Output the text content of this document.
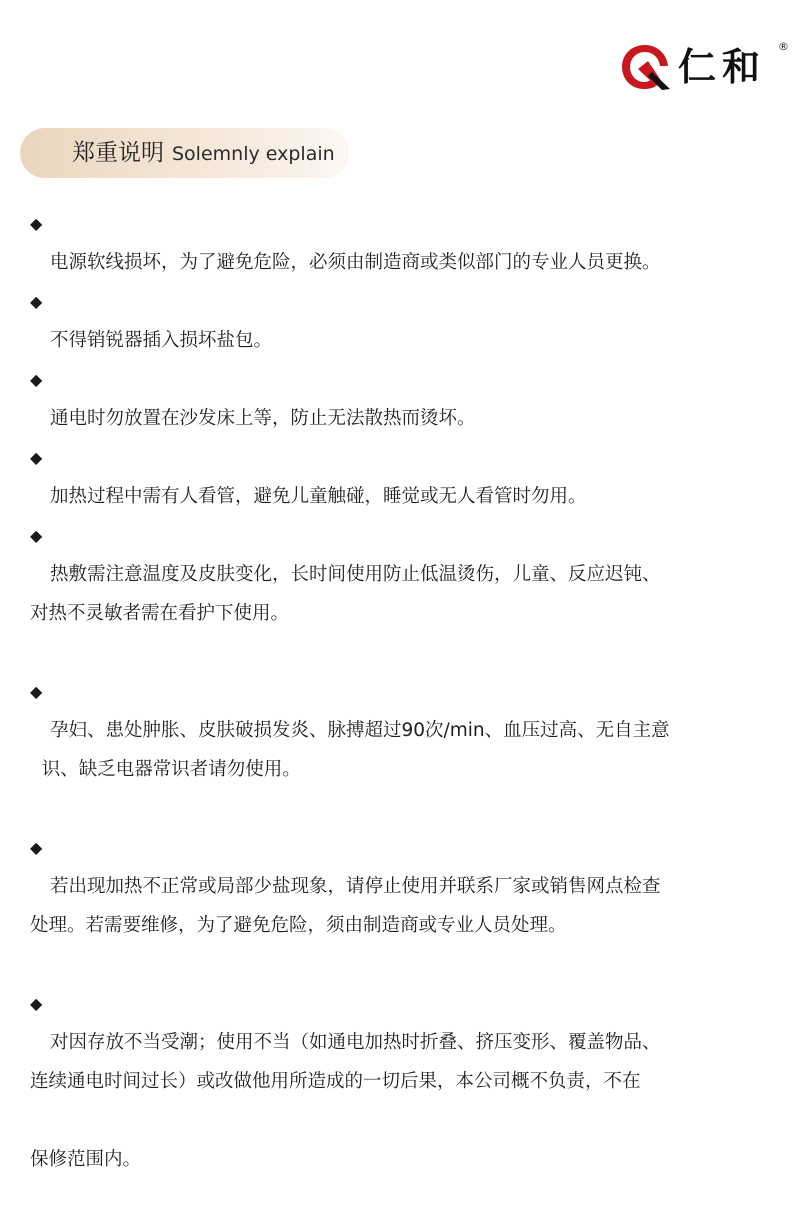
仁和 ®
郑重说明 Solemnly explain

◆
电源软线损坏，为了避免危险，必须由制造商或类似部门的专业人员更换。

◆
不得销锐器插入损坏盐包。

◆
通电时勿放置在沙发床上等，防止无法散热而烫坏。

◆
加热过程中需有人看管，避免儿童触碰，睡觉或无人看管时勿用。

◆
热敷需注意温度及皮肤变化，长时间使用防止低温烫伤，儿童、反应迟钝、

对热不灵敏者需在看护下使用。

◆
孕妇、患处肿胀、皮肤破损发炎、脉搏超过90次/min、血压过高、无自主意

识、缺乏电器常识者请勿使用。

◆
若出现加热不正常或局部少盐现象，请停止使用并联系厂家或销售网点检查

处理。若需要维修，为了避免危险，须由制造商或专业人员处理。

◆
对因存放不当受潮；使用不当（如通电加热时折叠、挤压变形、覆盖物品、

连续通电时间过长）或改做他用所造成的一切后果，本公司概不负责，不在

保修范围内。
